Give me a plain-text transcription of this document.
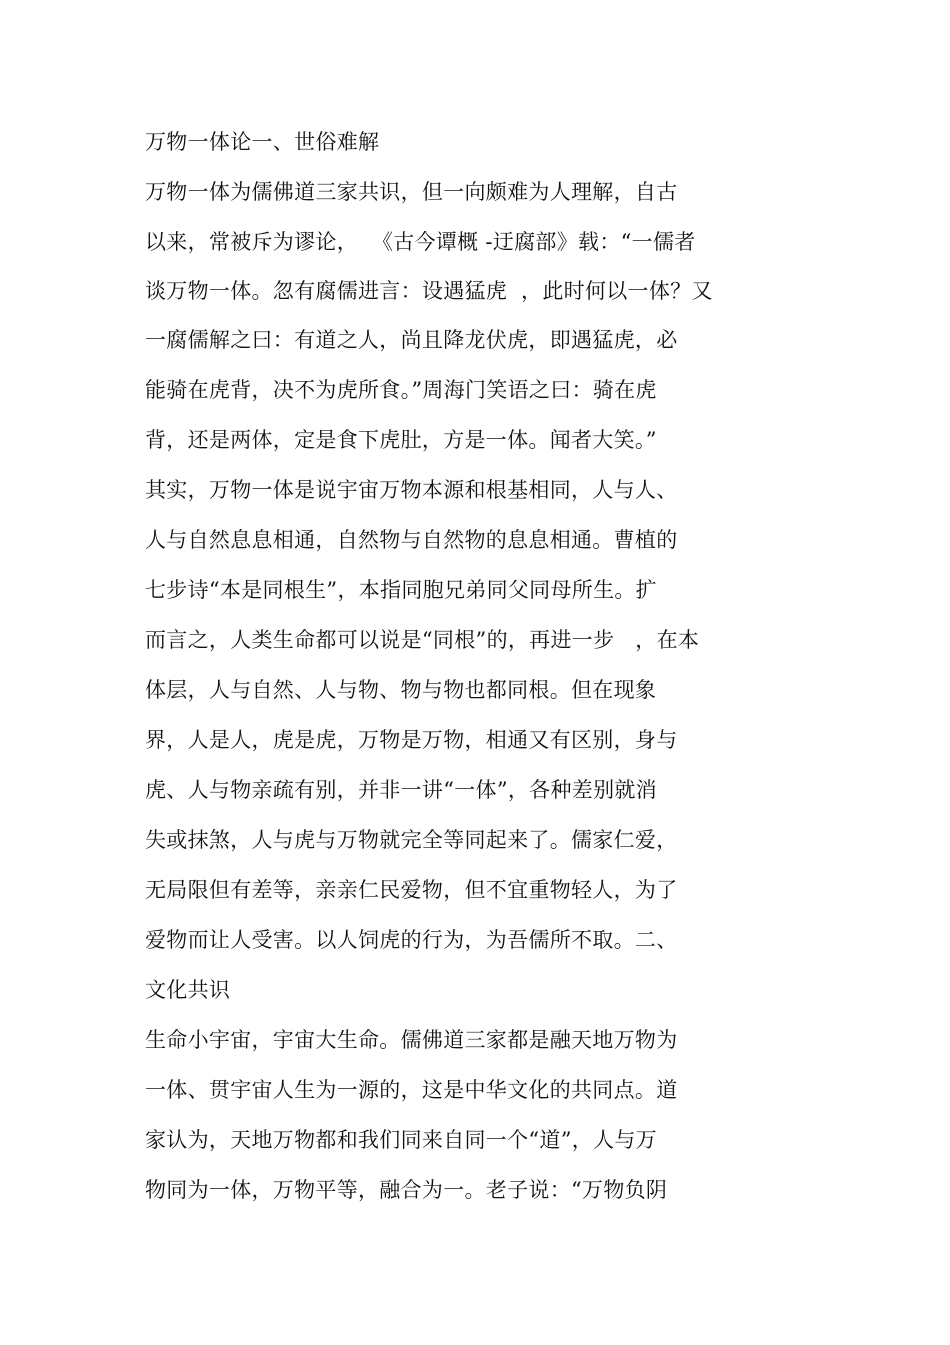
万物一体论一、世俗难解
万物一体为儒佛道三家共识，但一向颇难为人理解，自古
以来，常被斥为谬论，  《古今谭概 -迂腐部》载：“一儒者
谈万物一体。忽有腐儒进言：设遇猛虎  ，此时何以一体？又
一腐儒解之曰：有道之人，尚且降龙伏虎，即遇猛虎，必
能骑在虎背，决不为虎所食。”周海门笑语之曰：骑在虎
背，还是两体，定是食下虎肚，方是一体。闻者大笑。”
其实，万物一体是说宇宙万物本源和根基相同，人与人、
人与自然息息相通，自然物与自然物的息息相通。曹植的
七步诗“本是同根生”，本指同胞兄弟同父同母所生。扩
而言之，人类生命都可以说是“同根”的，再进一步   ，在本
体层，人与自然、人与物、物与物也都同根。但在现象
界，人是人，虎是虎，万物是万物，相通又有区别，身与
虎、人与物亲疏有别，并非一讲“一体”，各种差别就消
失或抹煞，人与虎与万物就完全等同起来了。儒家仁爱，
无局限但有差等，亲亲仁民爱物，但不宜重物轻人，为了
爱物而让人受害。以人饲虎的行为，为吾儒所不取。二、
文化共识
生命小宇宙，宇宙大生命。儒佛道三家都是融天地万物为
一体、贯宇宙人生为一源的，这是中华文化的共同点。道
家认为，天地万物都和我们同来自同一个“道”，人与万
物同为一体，万物平等，融合为一。老子说：“万物负阴
